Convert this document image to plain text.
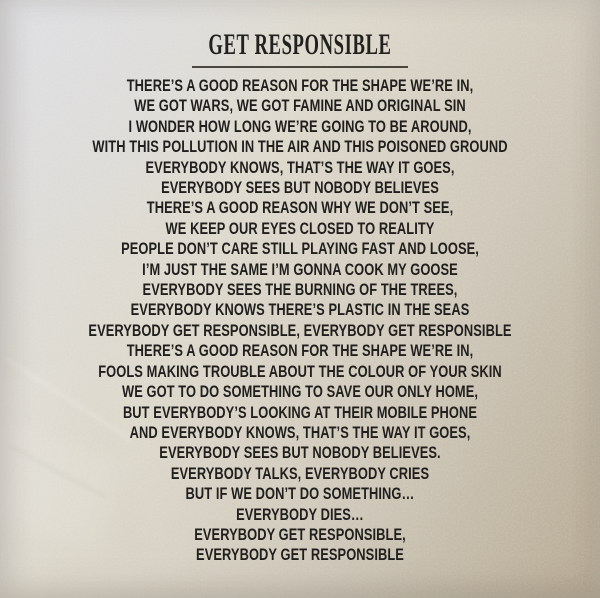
GET RESPONSIBLE
THERE’S A GOOD REASON FOR THE SHAPE WE’RE IN,
WE GOT WARS, WE GOT FAMINE AND ORIGINAL SIN
I WONDER HOW LONG WE’RE GOING TO BE AROUND,
WITH THIS POLLUTION IN THE AIR AND THIS POISONED GROUND
EVERYBODY KNOWS, THAT’S THE WAY IT GOES,
EVERYBODY SEES BUT NOBODY BELIEVES
THERE’S A GOOD REASON WHY WE DON’T SEE,
WE KEEP OUR EYES CLOSED TO REALITY
PEOPLE DON’T CARE STILL PLAYING FAST AND LOOSE,
I’M JUST THE SAME I’M GONNA COOK MY GOOSE
EVERYBODY SEES THE BURNING OF THE TREES,
EVERYBODY KNOWS THERE’S PLASTIC IN THE SEAS
EVERYBODY GET RESPONSIBLE, EVERYBODY GET RESPONSIBLE
THERE’S A GOOD REASON FOR THE SHAPE WE’RE IN,
FOOLS MAKING TROUBLE ABOUT THE COLOUR OF YOUR SKIN
WE GOT TO DO SOMETHING TO SAVE OUR ONLY HOME,
BUT EVERYBODY’S LOOKING AT THEIR MOBILE PHONE
AND EVERYBODY KNOWS, THAT’S THE WAY IT GOES,
EVERYBODY SEES BUT NOBODY BELIEVES.
EVERYBODY TALKS, EVERYBODY CRIES
BUT IF WE DON’T DO SOMETHING…
EVERYBODY DIES…
EVERYBODY GET RESPONSIBLE,
EVERYBODY GET RESPONSIBLE
